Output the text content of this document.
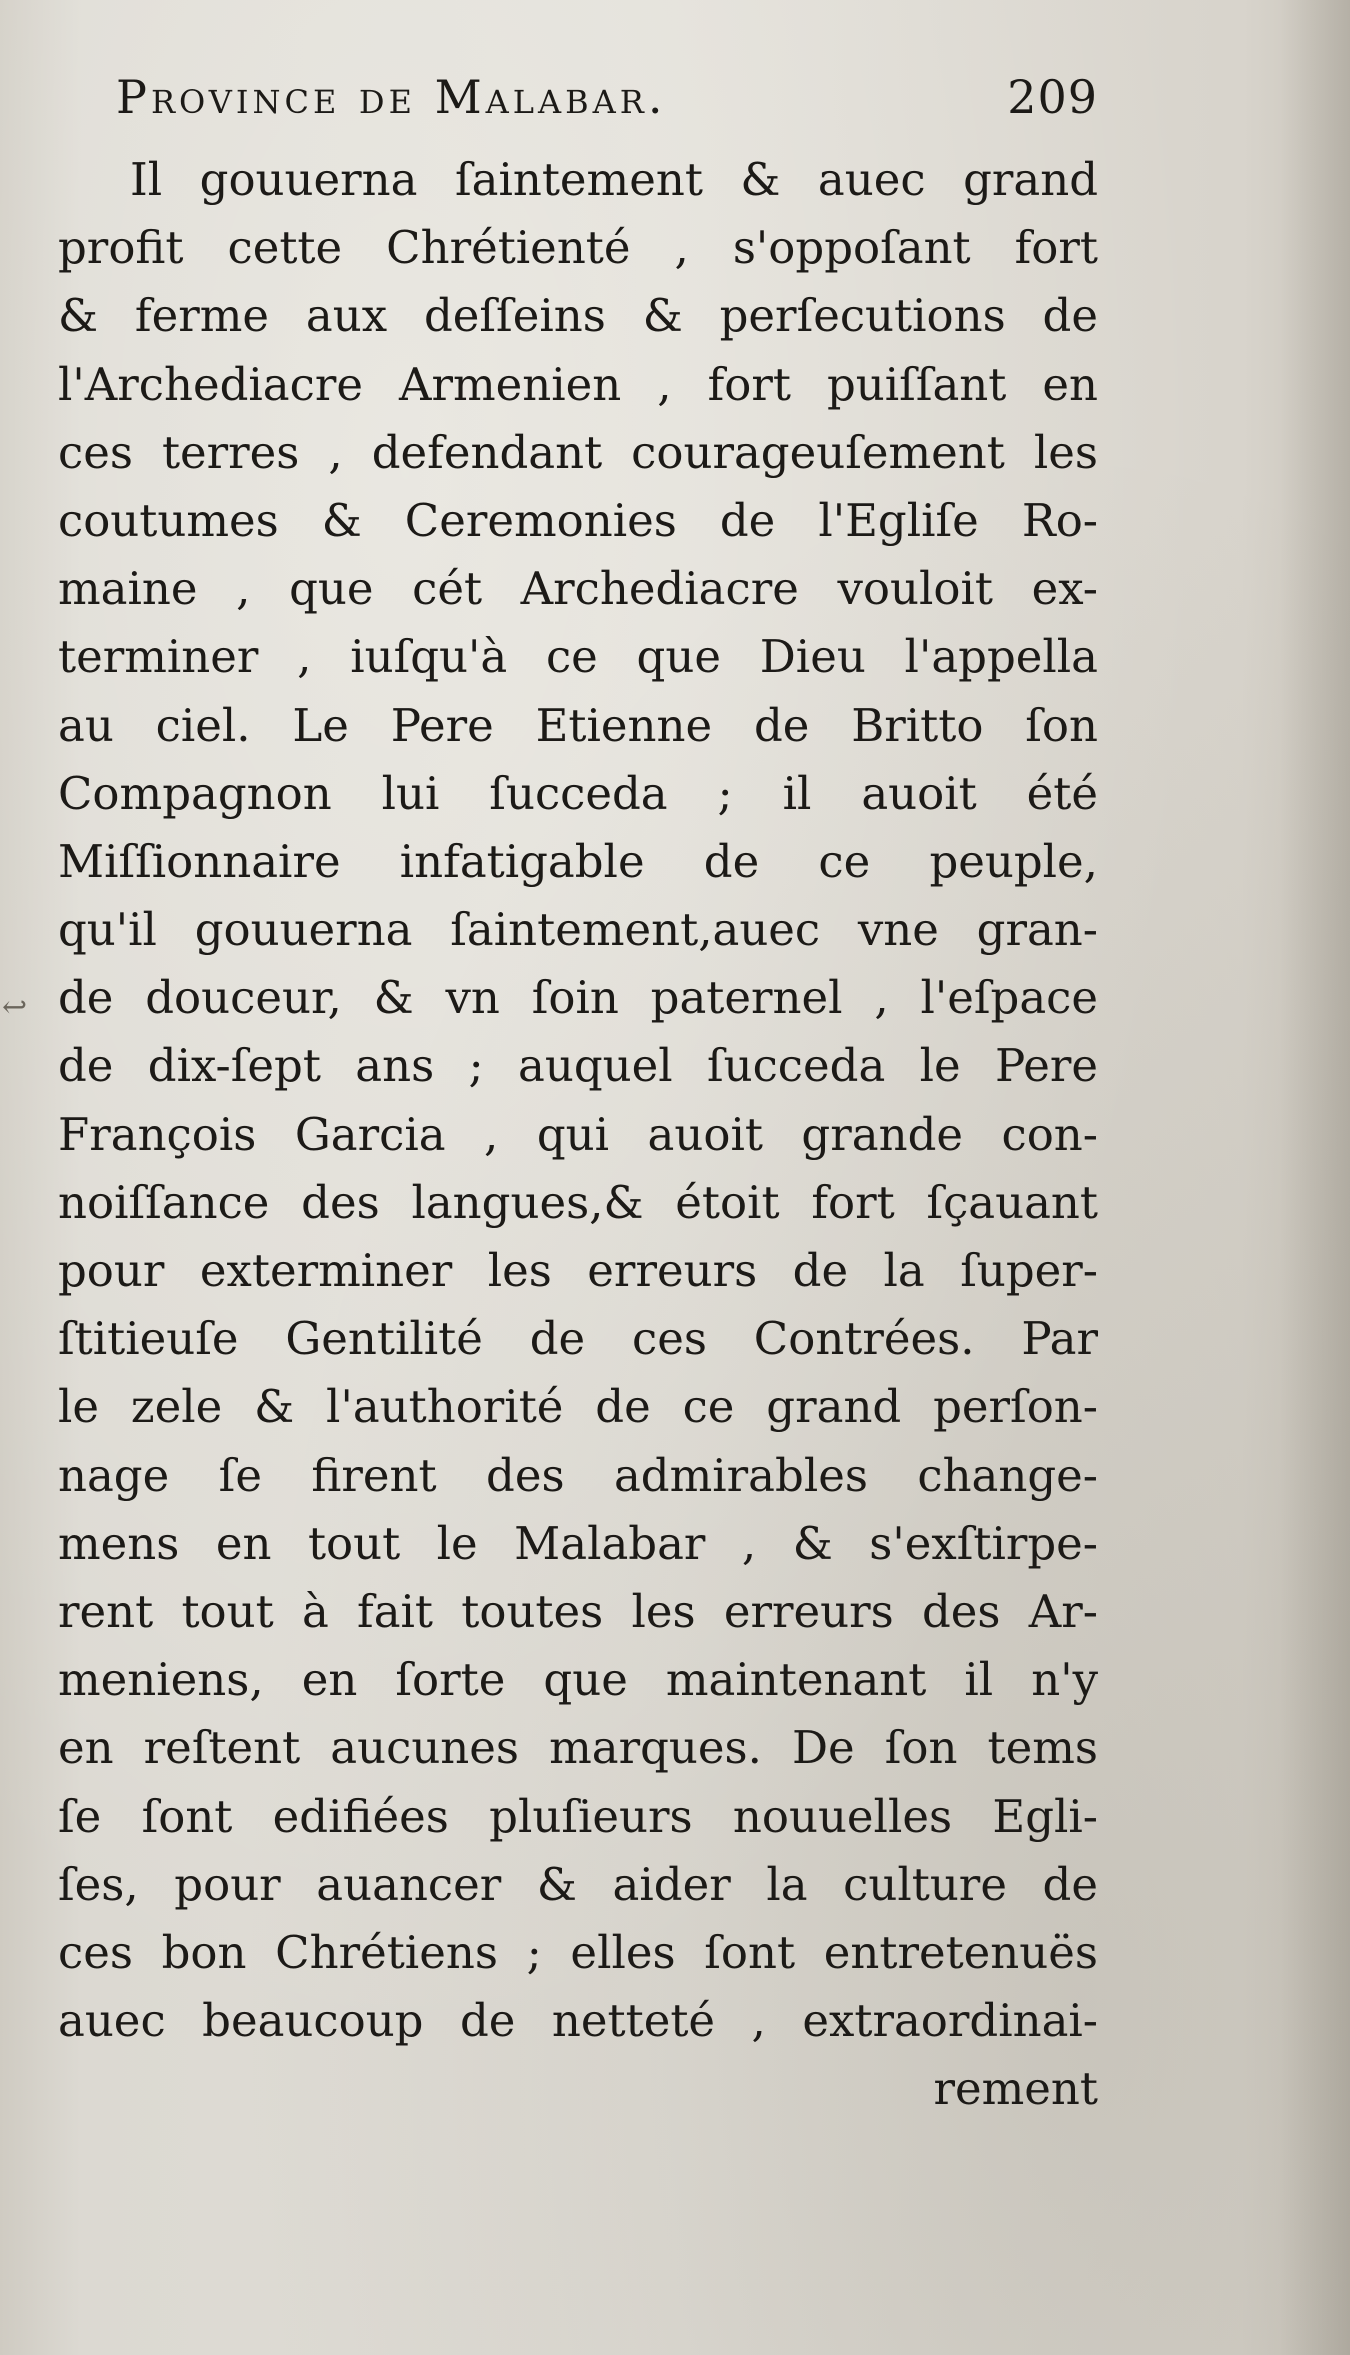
↩
Province de Malabar.	209
Il gouuerna ſaintement & auec grand
profit cette Chrétienté , s'oppoſant fort
& ferme aux deſſeins & perſecutions de
l'Archediacre Armenien , fort puiſſant en
ces terres , defendant courageuſement les
coutumes & Ceremonies de l'Egliſe Ro-
maine , que cét Archediacre vouloit ex-
terminer , iuſqu'à ce que Dieu l'appella
au ciel. Le Pere Etienne de Britto ſon
Compagnon lui ſucceda ; il auoit été
Miſſionnaire infatigable de ce peuple,
qu'il gouuerna ſaintement,auec vne gran-
de douceur, & vn ſoin paternel , l'eſpace
de dix-ſept ans ; auquel ſucceda le Pere
François Garcia , qui auoit grande con-
noiſſance des langues,& étoit fort ſçauant
pour exterminer les erreurs de la ſuper-
ſtitieuſe Gentilité de ces Contrées. Par
le zele & l'authorité de ce grand perſon-
nage ſe firent des admirables change-
mens en tout le Malabar , & s'exſtirpe-
rent tout à fait toutes les erreurs des Ar-
meniens, en ſorte que maintenant il n'y
en reſtent aucunes marques. De ſon tems
ſe ſont edifiées pluſieurs nouuelles Egli-
ſes, pour auancer & aider la culture de
ces bon Chrétiens ; elles ſont entretenuës
auec beaucoup de netteté , extraordinai-
rement
